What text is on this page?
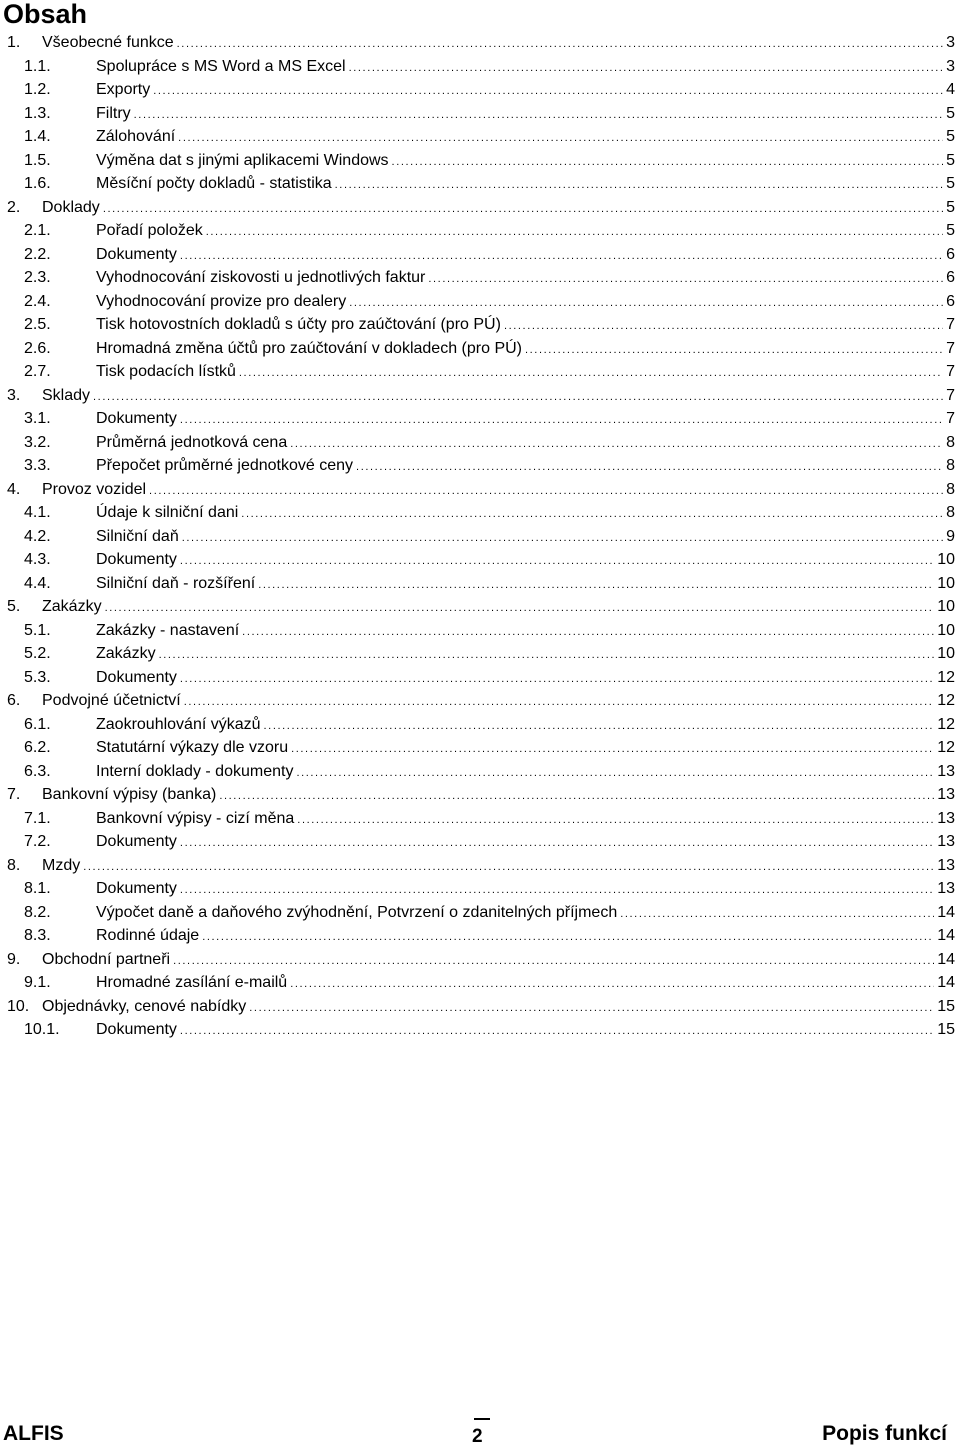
Obsah
1.	Všeobecné funkce .....	3
1.1.	Spolupráce s MS Word a MS Excel .....	3
1.2.	Exporty .....	4
1.3.	Filtry .....	5
1.4.	Zálohování .....	5
1.5.	Výměna dat s jinými aplikacemi Windows .....	5
1.6.	Měsíční počty dokladů - statistika .....	5
2.	Doklady .....	5
2.1.	Pořadí položek .....	5
2.2.	Dokumenty .....	6
2.3.	Vyhodnocování ziskovosti u jednotlivých faktur .....	6
2.4.	Vyhodnocování provize pro dealery .....	6
2.5.	Tisk hotovostních dokladů s účty pro zaúčtování (pro PÚ) .....	7
2.6.	Hromadná změna účtů pro zaúčtování v dokladech (pro PÚ) .....	7
2.7.	Tisk podacích lístků .....	7
3.	Sklady .....	7
3.1.	Dokumenty .....	7
3.2.	Průměrná jednotková cena .....	8
3.3.	Přepočet průměrné jednotkové ceny .....	8
4.	Provoz vozidel .....	8
4.1.	Údaje k silniční dani .....	8
4.2.	Silniční daň .....	9
4.3.	Dokumenty .....	10
4.4.	Silniční daň - rozšíření .....	10
5.	Zakázky .....	10
5.1.	Zakázky - nastavení .....	10
5.2.	Zakázky .....	10
5.3.	Dokumenty .....	12
6.	Podvojné účetnictví .....	12
6.1.	Zaokrouhlování výkazů .....	12
6.2.	Statutární výkazy dle vzoru .....	12
6.3.	Interní doklady - dokumenty .....	13
7.	Bankovní výpisy (banka) .....	13
7.1.	Bankovní výpisy - cizí měna .....	13
7.2.	Dokumenty .....	13
8.	Mzdy .....	13
8.1.	Dokumenty .....	13
8.2.	Výpočet daně a daňového zvýhodnění, Potvrzení o zdanitelných příjmech .....	14
8.3.	Rodinné údaje .....	14
9.	Obchodní partneři .....	14
9.1.	Hromadné zasílání e-mailů .....	14
10. Objednávky, cenové nabídky .....	15
10.1.	Dokumenty .....	15
ALFIS	2	Popis funkcí
